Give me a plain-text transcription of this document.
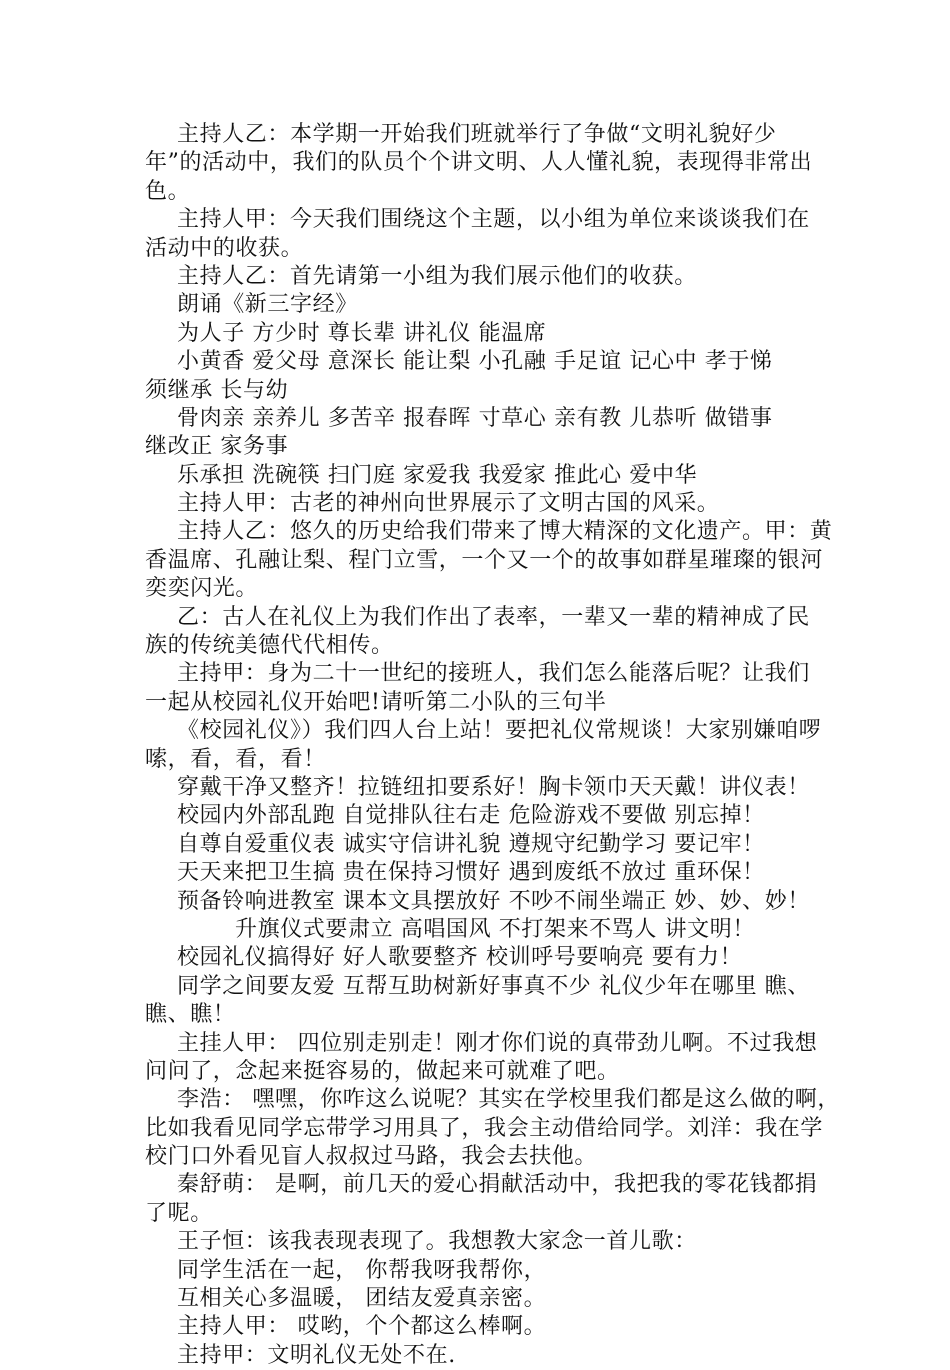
主持人乙：本学期一开始我们班就举行了争做“文明礼貌好少
年”的活动中，我们的队员个个讲文明、人人懂礼貌，表现得非常出
色。
主持人甲：今天我们围绕这个主题，以小组为单位来谈谈我们在
活动中的收获。
主持人乙：首先请第一小组为我们展示他们的收获。
朗诵《新三字经》
为人子 方少时 尊长辈 讲礼仪 能温席
小黄香 爱父母 意深长 能让梨 小孔融 手足谊 记心中 孝于悌
须继承 长与幼
骨肉亲 亲养儿 多苦辛 报春晖 寸草心 亲有教 儿恭听 做错事
继改正 家务事
乐承担 洗碗筷 扫门庭 家爱我 我爱家 推此心 爱中华
主持人甲：古老的神州向世界展示了文明古国的风采。
主持人乙：悠久的历史给我们带来了博大精深的文化遗产。甲：黄
香温席、孔融让梨、程门立雪，一个又一个的故事如群星璀璨的银河
奕奕闪光。
乙：古人在礼仪上为我们作出了表率，一辈又一辈的精神成了民
族的传统美德代代相传。
主持甲：身为二十一世纪的接班人，我们怎么能落后呢？让我们
一起从校园礼仪开始吧!请听第二小队的三句半
《校园礼仪》）我们四人台上站！要把礼仪常规谈！大家别嫌咱啰
嗦，看，看，看！
穿戴干净又整齐！拉链纽扣要系好！胸卡领巾天天戴！讲仪表！
校园内外部乱跑 自觉排队往右走 危险游戏不要做 别忘掉！
自尊自爱重仪表 诚实守信讲礼貌 遵规守纪勤学习 要记牢！
天天来把卫生搞 贵在保持习惯好 遇到废纸不放过 重环保！
预备铃响进教室 课本文具摆放好 不吵不闹坐端正 妙、妙、妙！
升旗仪式要肃立 高唱国风 不打架来不骂人 讲文明！
校园礼仪搞得好 好人歌要整齐 校训呼号要响亮 要有力！
同学之间要友爱 互帮互助树新好事真不少 礼仪少年在哪里 瞧、
瞧、瞧！
主挂人甲： 四位别走别走！刚才你们说的真带劲儿啊。不过我想
问问了，念起来挺容易的，做起来可就难了吧。
李浩： 嘿嘿，你咋这么说呢？其实在学校里我们都是这么做的啊，
比如我看见同学忘带学习用具了，我会主动借给同学。刘洋：我在学
校门口外看见盲人叔叔过马路，我会去扶他。
秦舒萌： 是啊，前几天的爱心捐献活动中，我把我的零花钱都捐
了呢。
王子恒：该我表现表现了。我想教大家念一首儿歌：
同学生活在一起， 你帮我呀我帮你，
互相关心多温暖， 团结友爱真亲密。
主持人甲： 哎哟，个个都这么棒啊。
主持甲：文明礼仪无处不在.
